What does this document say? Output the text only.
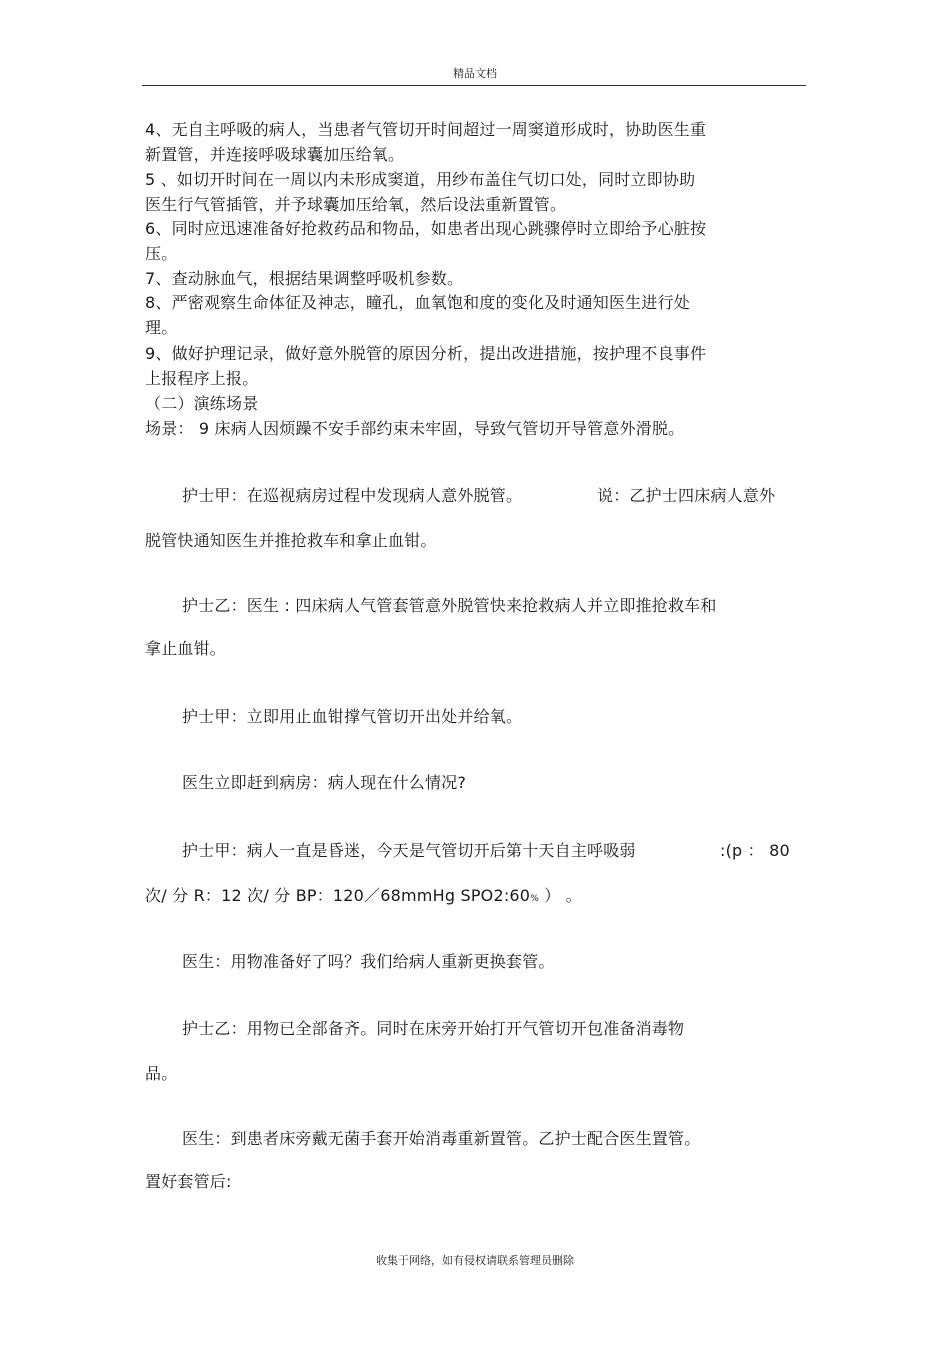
精品文档
4、无自主呼吸的病人，当患者气管切开时间超过一周窦道形成时，协助医生重
新置管，并连接呼吸球囊加压给氧。
5 、如切开时间在一周以内未形成窦道，用纱布盖住气切口处，同时立即协助
医生行气管插管，并予球囊加压给氧，然后设法重新置管。
6、同时应迅速准备好抢救药品和物品，如患者出现心跳骤停时立即给予心脏按
压。
7、查动脉血气，根据结果调整呼吸机参数。
8、严密观察生命体征及神志，瞳孔，血氧饱和度的变化及时通知医生进行处
理。
9、做好护理记录，做好意外脱管的原因分析，提出改进措施，按护理不良事件
上报程序上报。
（二）演练场景
场景： 9 床病人因烦躁不安手部约束未牢固，导致气管切开导管意外滑脱。
护士甲：在巡视病房过程中发现病人意外脱管。	说：乙护士四床病人意外
脱管快通知医生并推抢救车和拿止血钳。
护士乙：医生 : 四床病人气管套管意外脱管快来抢救病人并立即推抢救车和
拿止血钳。
护士甲：立即用止血钳撑气管切开出处并给氧。
医生立即赶到病房：病人现在什么情况?
护士甲：病人一直是昏迷，今天是气管切开后第十天自主呼吸弱	:(p ： 80
次/ 分 R：12 次/ 分 BP：120／68mmHg SPO2:60% ） 。
医生：用物准备好了吗？我们给病人重新更换套管。
护士乙：用物已全部备齐。同时在床旁开始打开气管切开包准备消毒物
品。
医生：到患者床旁戴无菌手套开始消毒重新置管。乙护士配合医生置管。
置好套管后:
收集于网络，如有侵权请联系管理员删除
